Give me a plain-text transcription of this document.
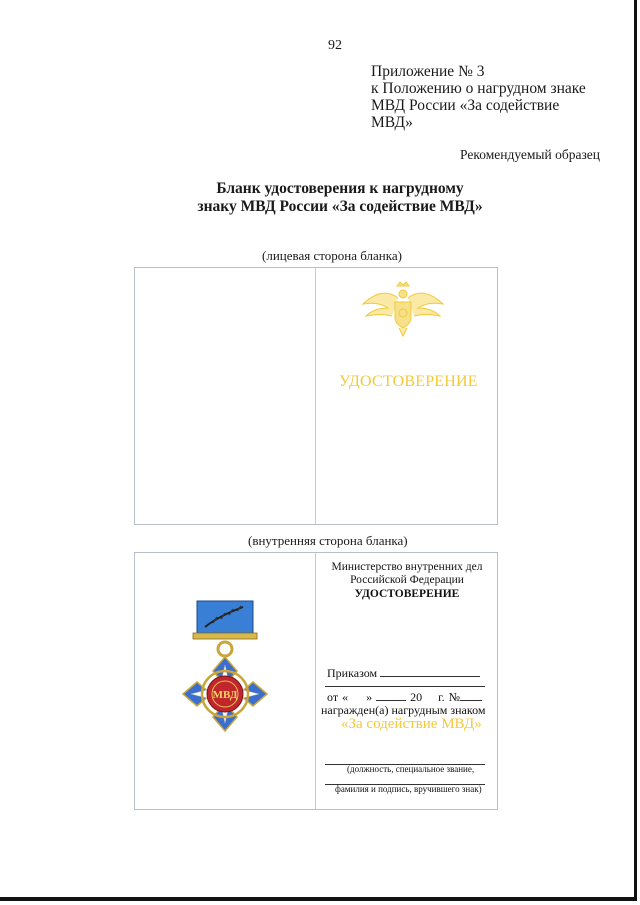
92
Приложение № 3
к Положению о нагрудном знаке
МВД России «За содействие
МВД»
Рекомендуемый образец
Бланк удостоверения к нагрудному
знаку МВД России «За содействие МВД»
(лицевая сторона бланка)
УДОСТОВЕРЕНИЕ
(внутренняя сторона бланка)
МВД
Министерство внутренних дел
Российской Федерации
УДОСТОВЕРЕНИЕ
Приказом
от « »	20 г. №
награжден(а) нагрудным знаком
«За содействие МВД»
(должность, специальное звание,
фамилия и подпись, вручившего знак)
